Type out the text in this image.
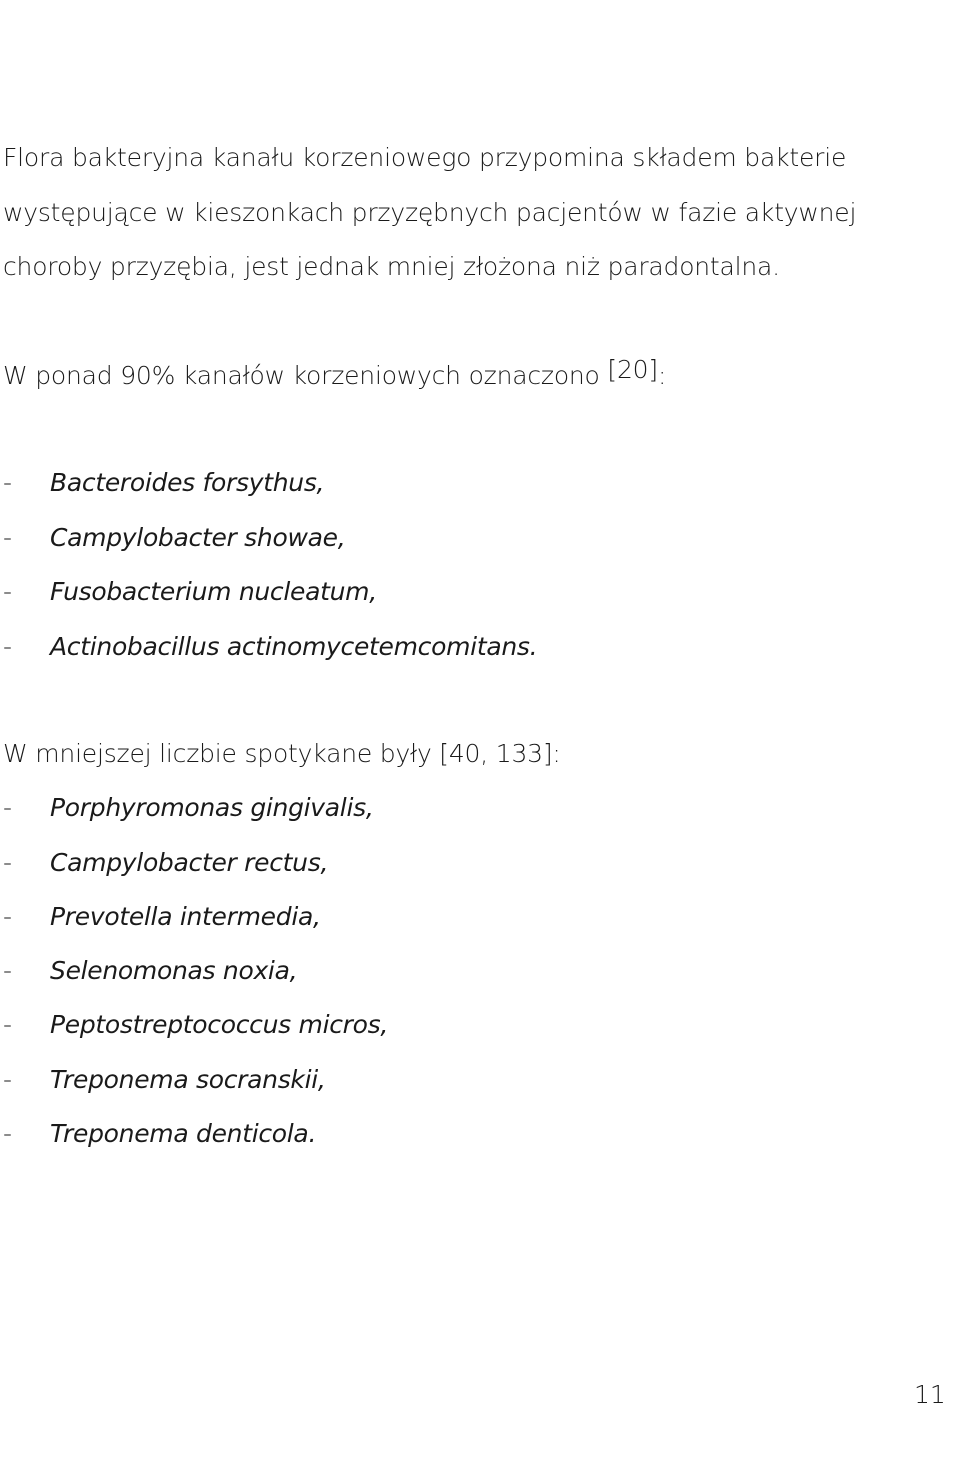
Flora bakteryjna kanału korzeniowego przypomina składem bakterie
występujące w kieszonkach przyzębnych pacjentów w fazie aktywnej
choroby przyzębia, jest jednak mniej złożona niż paradontalna.
W ponad 90% kanałów korzeniowych oznaczono [20]:
- Bacteroides forsythus,
- Campylobacter showae,
- Fusobacterium nucleatum,
- Actinobacillus actinomycetemcomitans.
W mniejszej liczbie spotykane były [40, 133]:
- Porphyromonas gingivalis,
- Campylobacter rectus,
- Prevotella intermedia,
- Selenomonas noxia,
- Peptostreptococcus micros,
- Treponema socranskii,
- Treponema denticola.
11
